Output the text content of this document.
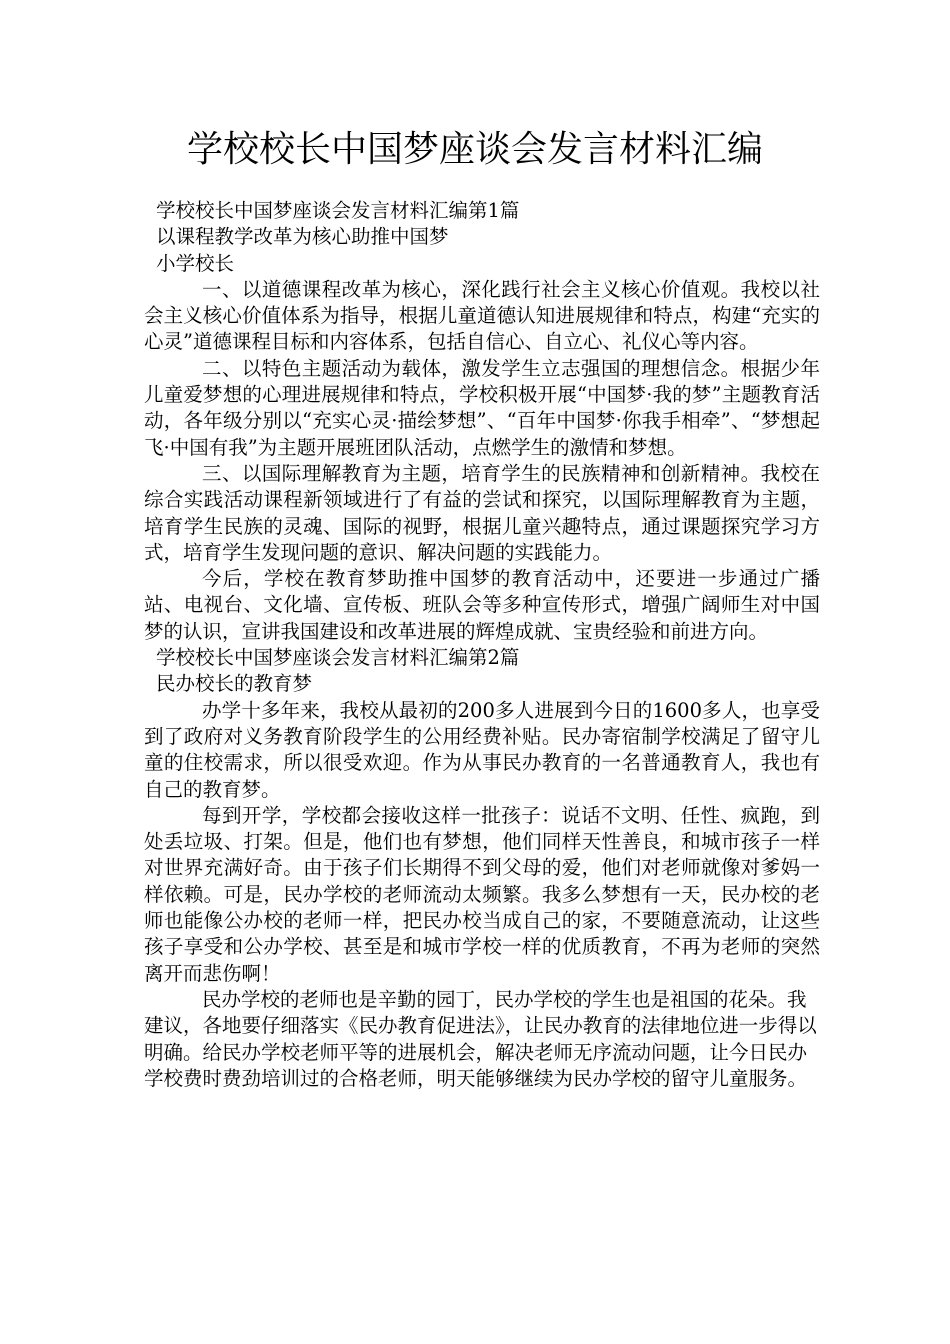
学校校长中国梦座谈会发言材料汇编

学校校长中国梦座谈会发言材料汇编第1篇

以课程教学改革为核心助推中国梦

小学校长

一、以道德课程改革为核心，深化践行社会主义核心价值观。我校以社会主义核心价值体系为指导，根据儿童道德认知进展规律和特点，构建“充实的心灵”道德课程目标和内容体系，包括自信心、自立心、礼仪心等内容。

二、以特色主题活动为载体，激发学生立志强国的理想信念。根据少年儿童爱梦想的心理进展规律和特点，学校积极开展“中国梦·我的梦”主题教育活动，各年级分别以“充实心灵·描绘梦想”、“百年中国梦·你我手相牵”、“梦想起飞·中国有我”为主题开展班团队活动，点燃学生的激情和梦想。

三、以国际理解教育为主题，培育学生的民族精神和创新精神。我校在综合实践活动课程新领域进行了有益的尝试和探究，以国际理解教育为主题，培育学生民族的灵魂、国际的视野，根据儿童兴趣特点，通过课题探究学习方式，培育学生发现问题的意识、解决问题的实践能力。

今后，学校在教育梦助推中国梦的教育活动中，还要进一步通过广播站、电视台、文化墙、宣传板、班队会等多种宣传形式，增强广阔师生对中国梦的认识，宣讲我国建设和改革进展的辉煌成就、宝贵经验和前进方向。

学校校长中国梦座谈会发言材料汇编第2篇

民办校长的教育梦

办学十多年来，我校从最初的200多人进展到今日的1600多人，也享受到了政府对义务教育阶段学生的公用经费补贴。民办寄宿制学校满足了留守儿童的住校需求，所以很受欢迎。作为从事民办教育的一名普通教育人，我也有自己的教育梦。

每到开学，学校都会接收这样一批孩子：说话不文明、任性、疯跑，到处丢垃圾、打架。但是，他们也有梦想，他们同样天性善良，和城市孩子一样对世界充满好奇。由于孩子们长期得不到父母的爱，他们对老师就像对爹妈一样依赖。可是，民办学校的老师流动太频繁。我多么梦想有一天，民办校的老师也能像公办校的老师一样，把民办校当成自己的家，不要随意流动，让这些孩子享受和公办学校、甚至是和城市学校一样的优质教育，不再为老师的突然离开而悲伤啊！

民办学校的老师也是辛勤的园丁，民办学校的学生也是祖国的花朵。我建议，各地要仔细落实《民办教育促进法》，让民办教育的法律地位进一步得以明确。给民办学校老师平等的进展机会，解决老师无序流动问题，让今日民办学校费时费劲培训过的合格老师，明天能够继续为民办学校的留守儿童服务。
